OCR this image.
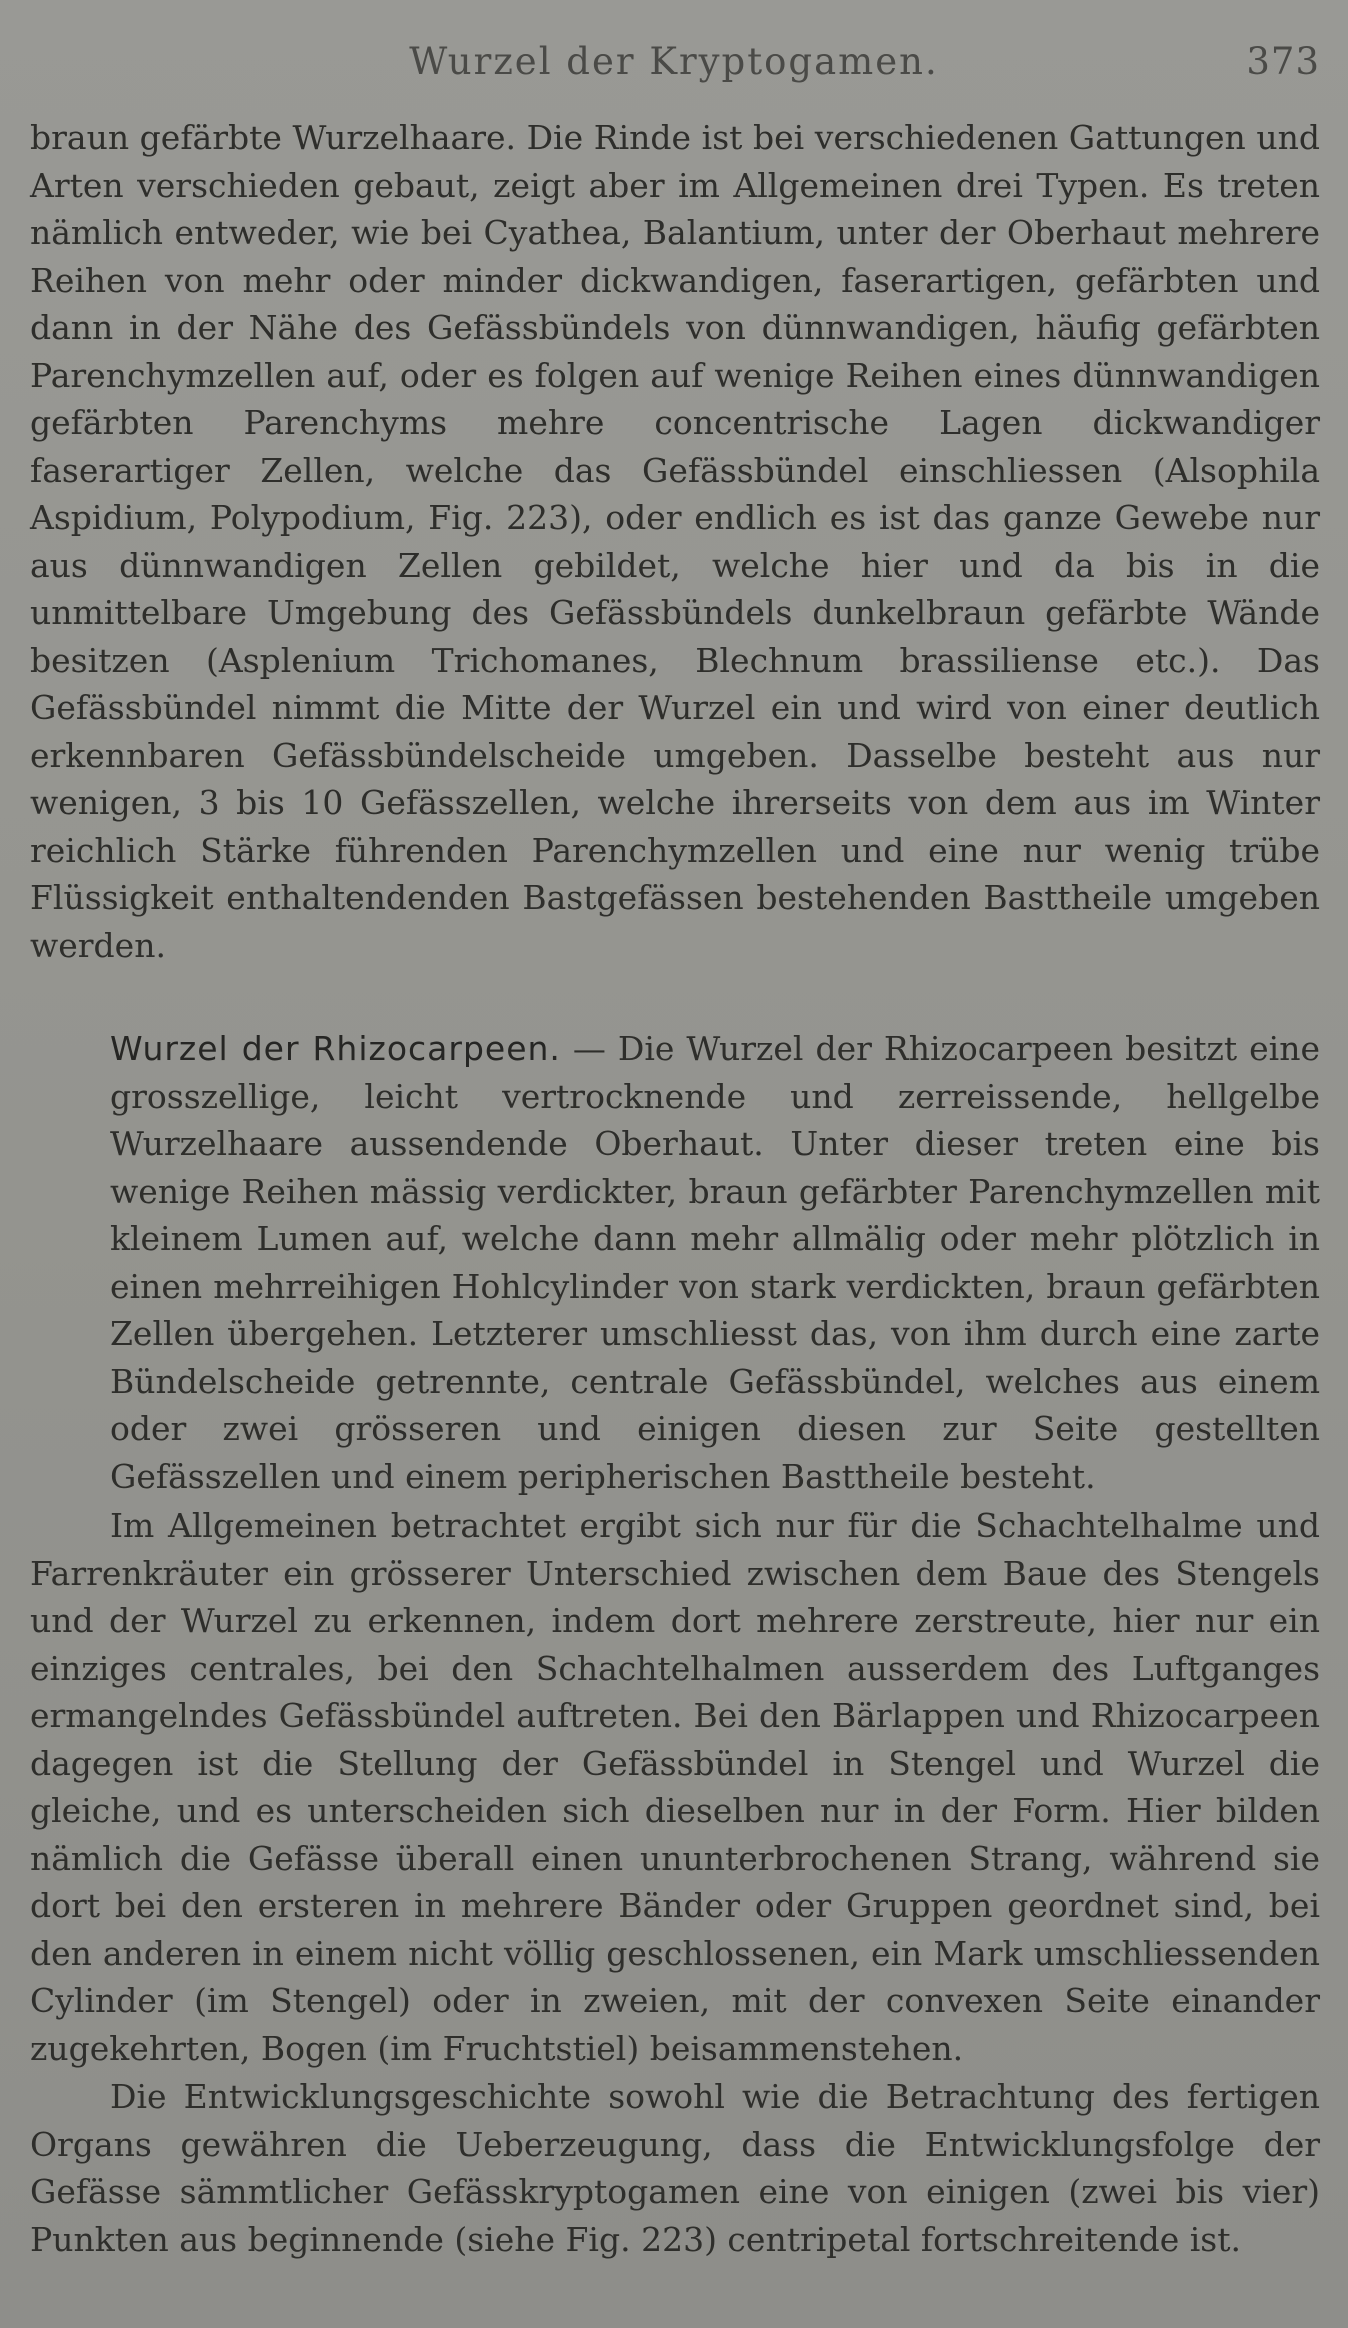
Wurzel der Kryptogamen.	373

braun gefärbte Wurzelhaare. Die Rinde ist bei verschiedenen Gattungen und Arten verschieden gebaut, zeigt aber im Allgemeinen drei Typen. Es treten nämlich entweder, wie bei Cyathea, Balantium, unter der Oberhaut mehrere Reihen von mehr oder minder dickwandigen, faserartigen, gefärbten und dann in der Nähe des Gefässbündels von dünnwandigen, häufig gefärbten Parenchymzellen auf, oder es folgen auf wenige Reihen eines dünnwandigen gefärbten Parenchyms mehre concentrische Lagen dickwandiger faserartiger Zellen, welche das Gefässbündel einschliessen (Alsophila Aspidium, Polypodium, Fig. 223), oder endlich es ist das ganze Gewebe nur aus dünnwandigen Zellen gebildet, welche hier und da bis in die unmittelbare Umgebung des Gefässbündels dunkelbraun gefärbte Wände besitzen (Asplenium Trichomanes, Blechnum brassiliense etc.). Das Gefässbündel nimmt die Mitte der Wurzel ein und wird von einer deutlich erkennbaren Gefässbündelscheide umgeben. Dasselbe besteht aus nur wenigen, 3 bis 10 Gefässzellen, welche ihrerseits von dem aus im Winter reichlich Stärke führenden Parenchymzellen und eine nur wenig trübe Flüssigkeit enthaltendenden Bastgefässen bestehenden Basttheile umgeben werden.

Wurzel der Rhizocarpeen. — Die Wurzel der Rhizocarpeen besitzt eine grosszellige, leicht vertrocknende und zerreissende, hellgelbe Wurzelhaare aussendende Oberhaut. Unter dieser treten eine bis wenige Reihen mässig verdickter, braun gefärbter Parenchymzellen mit kleinem Lumen auf, welche dann mehr allmälig oder mehr plötzlich in einen mehrreihigen Hohlcylinder von stark verdickten, braun gefärbten Zellen übergehen. Letzterer umschliesst das, von ihm durch eine zarte Bündelscheide getrennte, centrale Gefässbündel, welches aus einem oder zwei grösseren und einigen diesen zur Seite gestellten Gefässzellen und einem peripherischen Basttheile besteht.

Im Allgemeinen betrachtet ergibt sich nur für die Schachtelhalme und Farrenkräuter ein grösserer Unterschied zwischen dem Baue des Stengels und der Wurzel zu erkennen, indem dort mehrere zerstreute, hier nur ein einziges centrales, bei den Schachtelhalmen ausserdem des Luftganges ermangelndes Gefässbündel auftreten. Bei den Bärlappen und Rhizocarpeen dagegen ist die Stellung der Gefässbündel in Stengel und Wurzel die gleiche, und es unterscheiden sich dieselben nur in der Form. Hier bilden nämlich die Gefässe überall einen ununterbrochenen Strang, während sie dort bei den ersteren in mehrere Bänder oder Gruppen geordnet sind, bei den anderen in einem nicht völlig geschlossenen, ein Mark umschliessenden Cylinder (im Stengel) oder in zweien, mit der convexen Seite einander zugekehrten, Bogen (im Fruchtstiel) beisammenstehen.

Die Entwicklungsgeschichte sowohl wie die Betrachtung des fertigen Organs gewähren die Ueberzeugung, dass die Entwicklungsfolge der Gefässe sämmtlicher Gefässkryptogamen eine von einigen (zwei bis vier) Punkten aus beginnende (siehe Fig. 223) centripetal fortschreitende ist.
